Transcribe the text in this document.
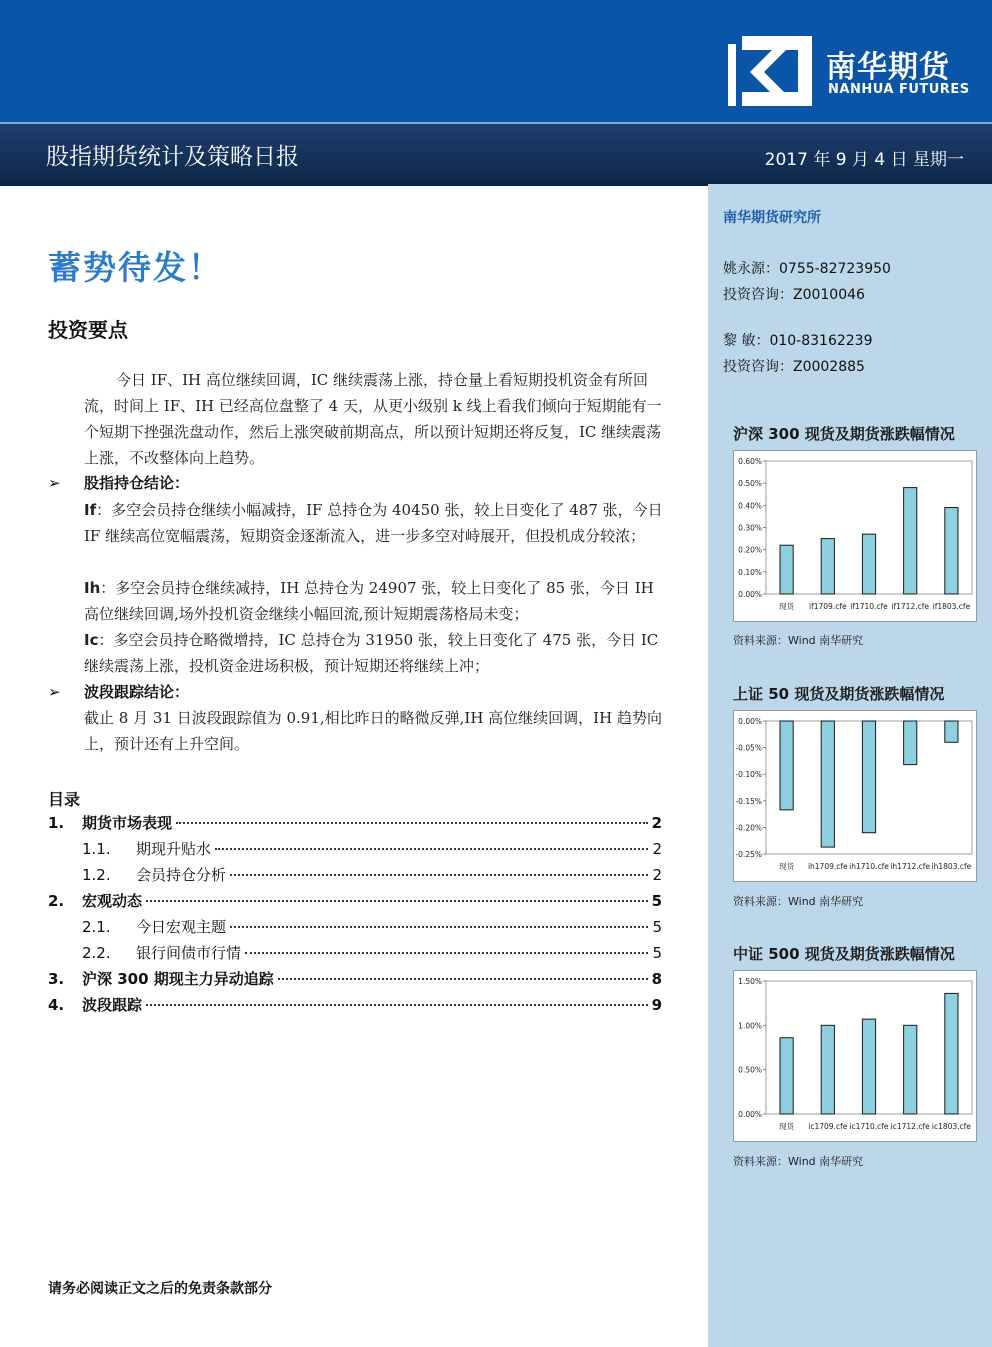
南华期货
NANHUA FUTURES
股指期货统计及策略日报	2017 年 9 月 4 日 星期一
南华期货研究所
姚永源：0755-82723950
投资咨询：Z0010046
黎 敏：010-83162239
投资咨询：Z0002885
沪深 300 现货及期货涨跌幅情况
0.00%
0.10%
0.20%
0.30%
0.40%
0.50%
0.60%
现货 if1709.cfe if1710.cfe if1712.cfe if1803.cfe
资料来源：Wind 南华研究
上证 50 现货及期货涨跌幅情况
-0.25%
-0.20%
-0.15%
-0.10%
-0.05%
0.00%
现货 ih1709.cfe ih1710.cfe ih1712.cfe ih1803.cfe
资料来源：Wind 南华研究
中证 500 现货及期货涨跌幅情况
0.00%
0.50%
1.00%
1.50%
现货 ic1709.cfe ic1710.cfe ic1712.cfe ic1803.cfe
资料来源：Wind 南华研究
蓄势待发！
投资要点
今日 IF、IH 高位继续回调，IC 继续震荡上涨，持仓量上看短期投机资金有所回流，时间上 IF、IH 已经高位盘整了 4 天，从更小级别 k 线上看我们倾向于短期能有一个短期下挫强洗盘动作，然后上涨突破前期高点，所以预计短期还将反复，IC 继续震荡上涨，不改整体向上趋势。
➢ 股指持仓结论：
If：多空会员持仓继续小幅减持，IF 总持仓为 40450 张，较上日变化了 487 张，今日 IF 继续高位宽幅震荡，短期资金逐渐流入，进一步多空对峙展开，但投机成分较浓；
Ih：多空会员持仓继续减持，IH 总持仓为 24907 张，较上日变化了 85 张，今日 IH 高位继续回调,场外投机资金继续小幅回流,预计短期震荡格局未变；
Ic：多空会员持仓略微增持，IC 总持仓为 31950 张，较上日变化了 475 张，今日 IC 继续震荡上涨，投机资金进场积极，预计短期还将继续上冲；
➢ 波段跟踪结论：
截止 8 月 31 日波段跟踪值为 0.91,相比昨日的略微反弹,IH 高位继续回调，IH 趋势向上，预计还有上升空间。
目录
1.	期货市场表现	2
1.1.	期现升贴水	2
1.2.	会员持仓分析	2
2.	宏观动态	5
2.1.	今日宏观主题	5
2.2.	银行间债市行情	5
3.	沪深 300 期现主力异动追踪	8
4.	波段跟踪	9
请务必阅读正文之后的免责条款部分
